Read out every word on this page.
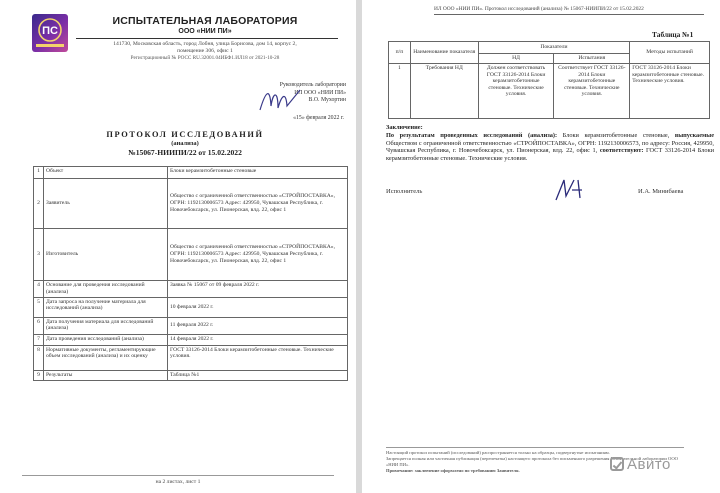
ПС
ИСПЫТАТЕЛЬНАЯ ЛАБОРАТОРИЯ
ООО «НИИ ПИ»
141730, Московская область, город Лобня, улица Борисова, дом 14, корпус 2,
помещение 306, офис 1
Регистрационный № РОСС RU.32001.04ИБФ1.ИЛ18 от 2021-10-28
Руководитель лаборатории
ИЛ ООО «НИИ ПИ»
В.О. Мухортин
«15» февраля 2022 г.
ПРОТОКОЛ ИССЛЕДОВАНИЙ
(анализа)
№15067-НИИПИ/22 от 15.02.2022
1	Объект	Блоки керамзитобетонные стеновые
2	Заявитель	Общество с ограниченной ответственностью «СТРОЙПОСТАВКА», ОГРН: 1192130006573 Адрес: 429950, Чувашская Республика, г. Новочебоксарск, ул. Пионерская, влд. 22, офис 1
3	Изготовитель	Общество с ограниченной ответственностью «СТРОЙПОСТАВКА», ОГРН: 1192130006573 Адрес: 429950, Чувашская Республика, г. Новочебоксарск, ул. Пионерская, влд. 22, офис 1
4	Основание для проведения исследований (анализа)	Заявка № 15067 от 09 февраля 2022 г.
5	Дата запроса на получение материала для исследований (анализа)	10 февраля 2022 г.
6	Дата получения материала для исследований (анализа)	11 февраля 2022 г.
7	Дата проведения исследований (анализа)	14 февраля 2022 г.
8	Нормативные документы, регламентирующие объем исследований (анализа) и их оценку	ГОСТ 33126-2014 Блоки керамзитобетонные стеновые. Технические условия.
9	Результаты	Таблица №1
на 2 листах, лист 1
ИЛ ООО «НИИ ПИ». Протокол исследований (анализа) № 15067-НИИПИ/22 от 15.02.2022
Таблица №1
п/п	Наименование показателя	Показатели		Методы испытаний
		НД	Испытания	
1	Требования НД	Должен соответствовать ГОСТ 33126-2014 Блоки керамзитобетонные стеновые. Технические условия.	Соответствует ГОСТ 33126-2014 Блоки керамзитобетонные стеновые. Технические условия.	ГОСТ 33126-2014 Блоки керамзитобетонные стеновые. Технические условия.
Заключение:
По результатам проведенных исследований (анализа): Блоки керамзитобетонные стеновые, выпускаемые Обществом с ограниченной ответственностью «СТРОЙПОСТАВКА», ОГРН: 1192130006573, по адресу: Россия, 429950, Чувашская Республика, г. Новочебоксарск, ул. Пионерская, влд. 22, офис 1, соответствуют: ГОСТ 33126-2014 Блоки керамзитобетонные стеновые. Технические условия.
Исполнитель	И.А. Минибаева
Настоящий протокол испытаний (исследований) распространяется только на образцы, подвергнутые испытаниям.
Запрещается полная или частичная публикация (перепечатка) настоящего протокола без письменного разрешения Испытательной лаборатории ООО «НИИ ПИ».
Примечание: заключение оформлено по требованию Заявителя.	Авито
